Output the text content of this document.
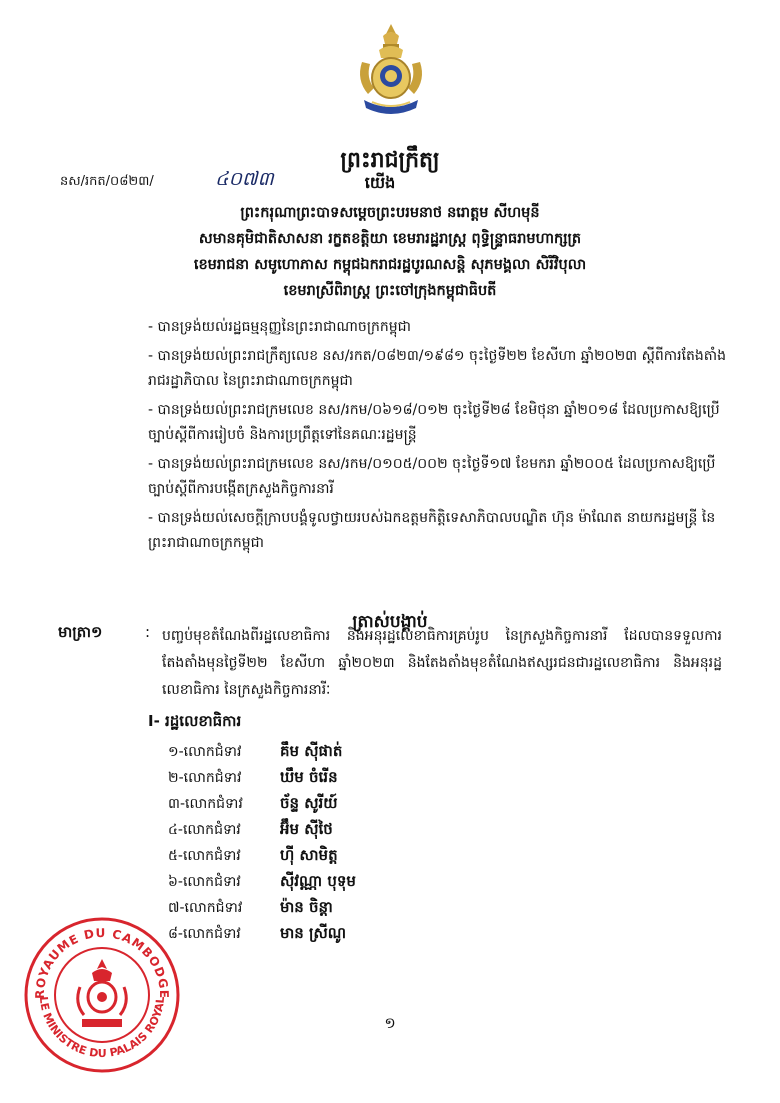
ព្រះរាជក្រឹត្យ
នស/រកត/០៨២៣/	៤០៧៣	យើង
ព្រះករុណាព្រះបាទសម្តេចព្រះបរមនាថ នរោត្តម សីហមុនី
សមានគុមិជាតិសាសនា រក្ខតខត្តិយា ខេមរារដ្ឋរាស្ត្រ ពុទ្ធិន្ទ្រាធរាមហាក្សត្រ
ខេមរាជនា សមូហោភាស កម្ពុជឯករាជរដ្ឋបូរណសន្តិ សុភមង្គលា សិរីវិបុលា
ខេមរាស្រីពិរាស្ត្រ ព្រះចៅក្រុងកម្ពុជាធិបតី
- បានទ្រង់យល់រដ្ឋធម្មនុញ្ញនៃព្រះរាជាណាចក្រកម្ពុជា
- បានទ្រង់យល់ព្រះរាជក្រឹត្យលេខ នស/រកត/០៨២៣/១៩៨១ ចុះថ្ងៃទី២២ ខែសីហា ឆ្នាំ២០២៣ ស្តីពីការតែងតាំងរាជរដ្ឋាភិបាល នៃព្រះរាជាណាចក្រកម្ពុជា
- បានទ្រង់យល់ព្រះរាជក្រមលេខ នស/រកម/០៦១៨/០១២ ចុះថ្ងៃទី២៨ ខែមិថុនា ឆ្នាំ២០១៨ ដែលប្រកាសឱ្យប្រើច្បាប់ស្តីពីការរៀបចំ និងការប្រព្រឹត្តទៅនៃគណៈរដ្ឋមន្ត្រី
- បានទ្រង់យល់ព្រះរាជក្រមលេខ នស/រកម/០១០៥/០០២ ចុះថ្ងៃទី១៧ ខែមករា ឆ្នាំ២០០៥ ដែលប្រកាសឱ្យប្រើច្បាប់ស្តីពីការបង្កើតក្រសួងកិច្ចការនារី
- បានទ្រង់យល់សេចក្តីក្រាបបង្គំទូលថ្វាយរបស់ឯកឧត្តមកិត្តិទេសាភិបាលបណ្ឌិត ហ៊ុន ម៉ាណែត នាយករដ្ឋមន្ត្រី នៃព្រះរាជាណាចក្រកម្ពុជា
ត្រាស់បង្គាប់
មាត្រា១	: បញ្ចប់មុខតំណែងពីរដ្ឋលេខាធិការ និងអនុរដ្ឋលេខាធិការគ្រប់រូប នៃក្រសួងកិច្ចការនារី ដែលបានទទួលការតែងតាំងមុនថ្ងៃទី២២ ខែសីហា ឆ្នាំ២០២៣ និងតែងតាំងមុខតំណែងឥស្សរជនជារដ្ឋលេខាធិការ និងអនុរដ្ឋលេខាធិការ នៃក្រសួងកិច្ចការនារីៈ
I- រដ្ឋលេខាធិការ
១-លោកជំទាវ	គឹម ស៊ីផាត់
២-លោកជំទាវ	ឃឹម ចំរើន
៣-លោកជំទាវ ច័ន្ទ សូរីយ៍
៤-លោកជំទាវ	អ៊ឹម ស៊ីថៃ
៥-លោកជំទាវ	ហ៊ី សាមិត្ត
៦-លោកជំទាវ	ស៊ីវណ្ណា បុទុម
៧-លោកជំទាវ	ម៉ាន ចិន្តា
៨-លោកជំទាវ	មាន ស្រីណូ
១
ROYAUME DU CAMBODGE
LE MINISTRE DU PALAIS ROYAL
